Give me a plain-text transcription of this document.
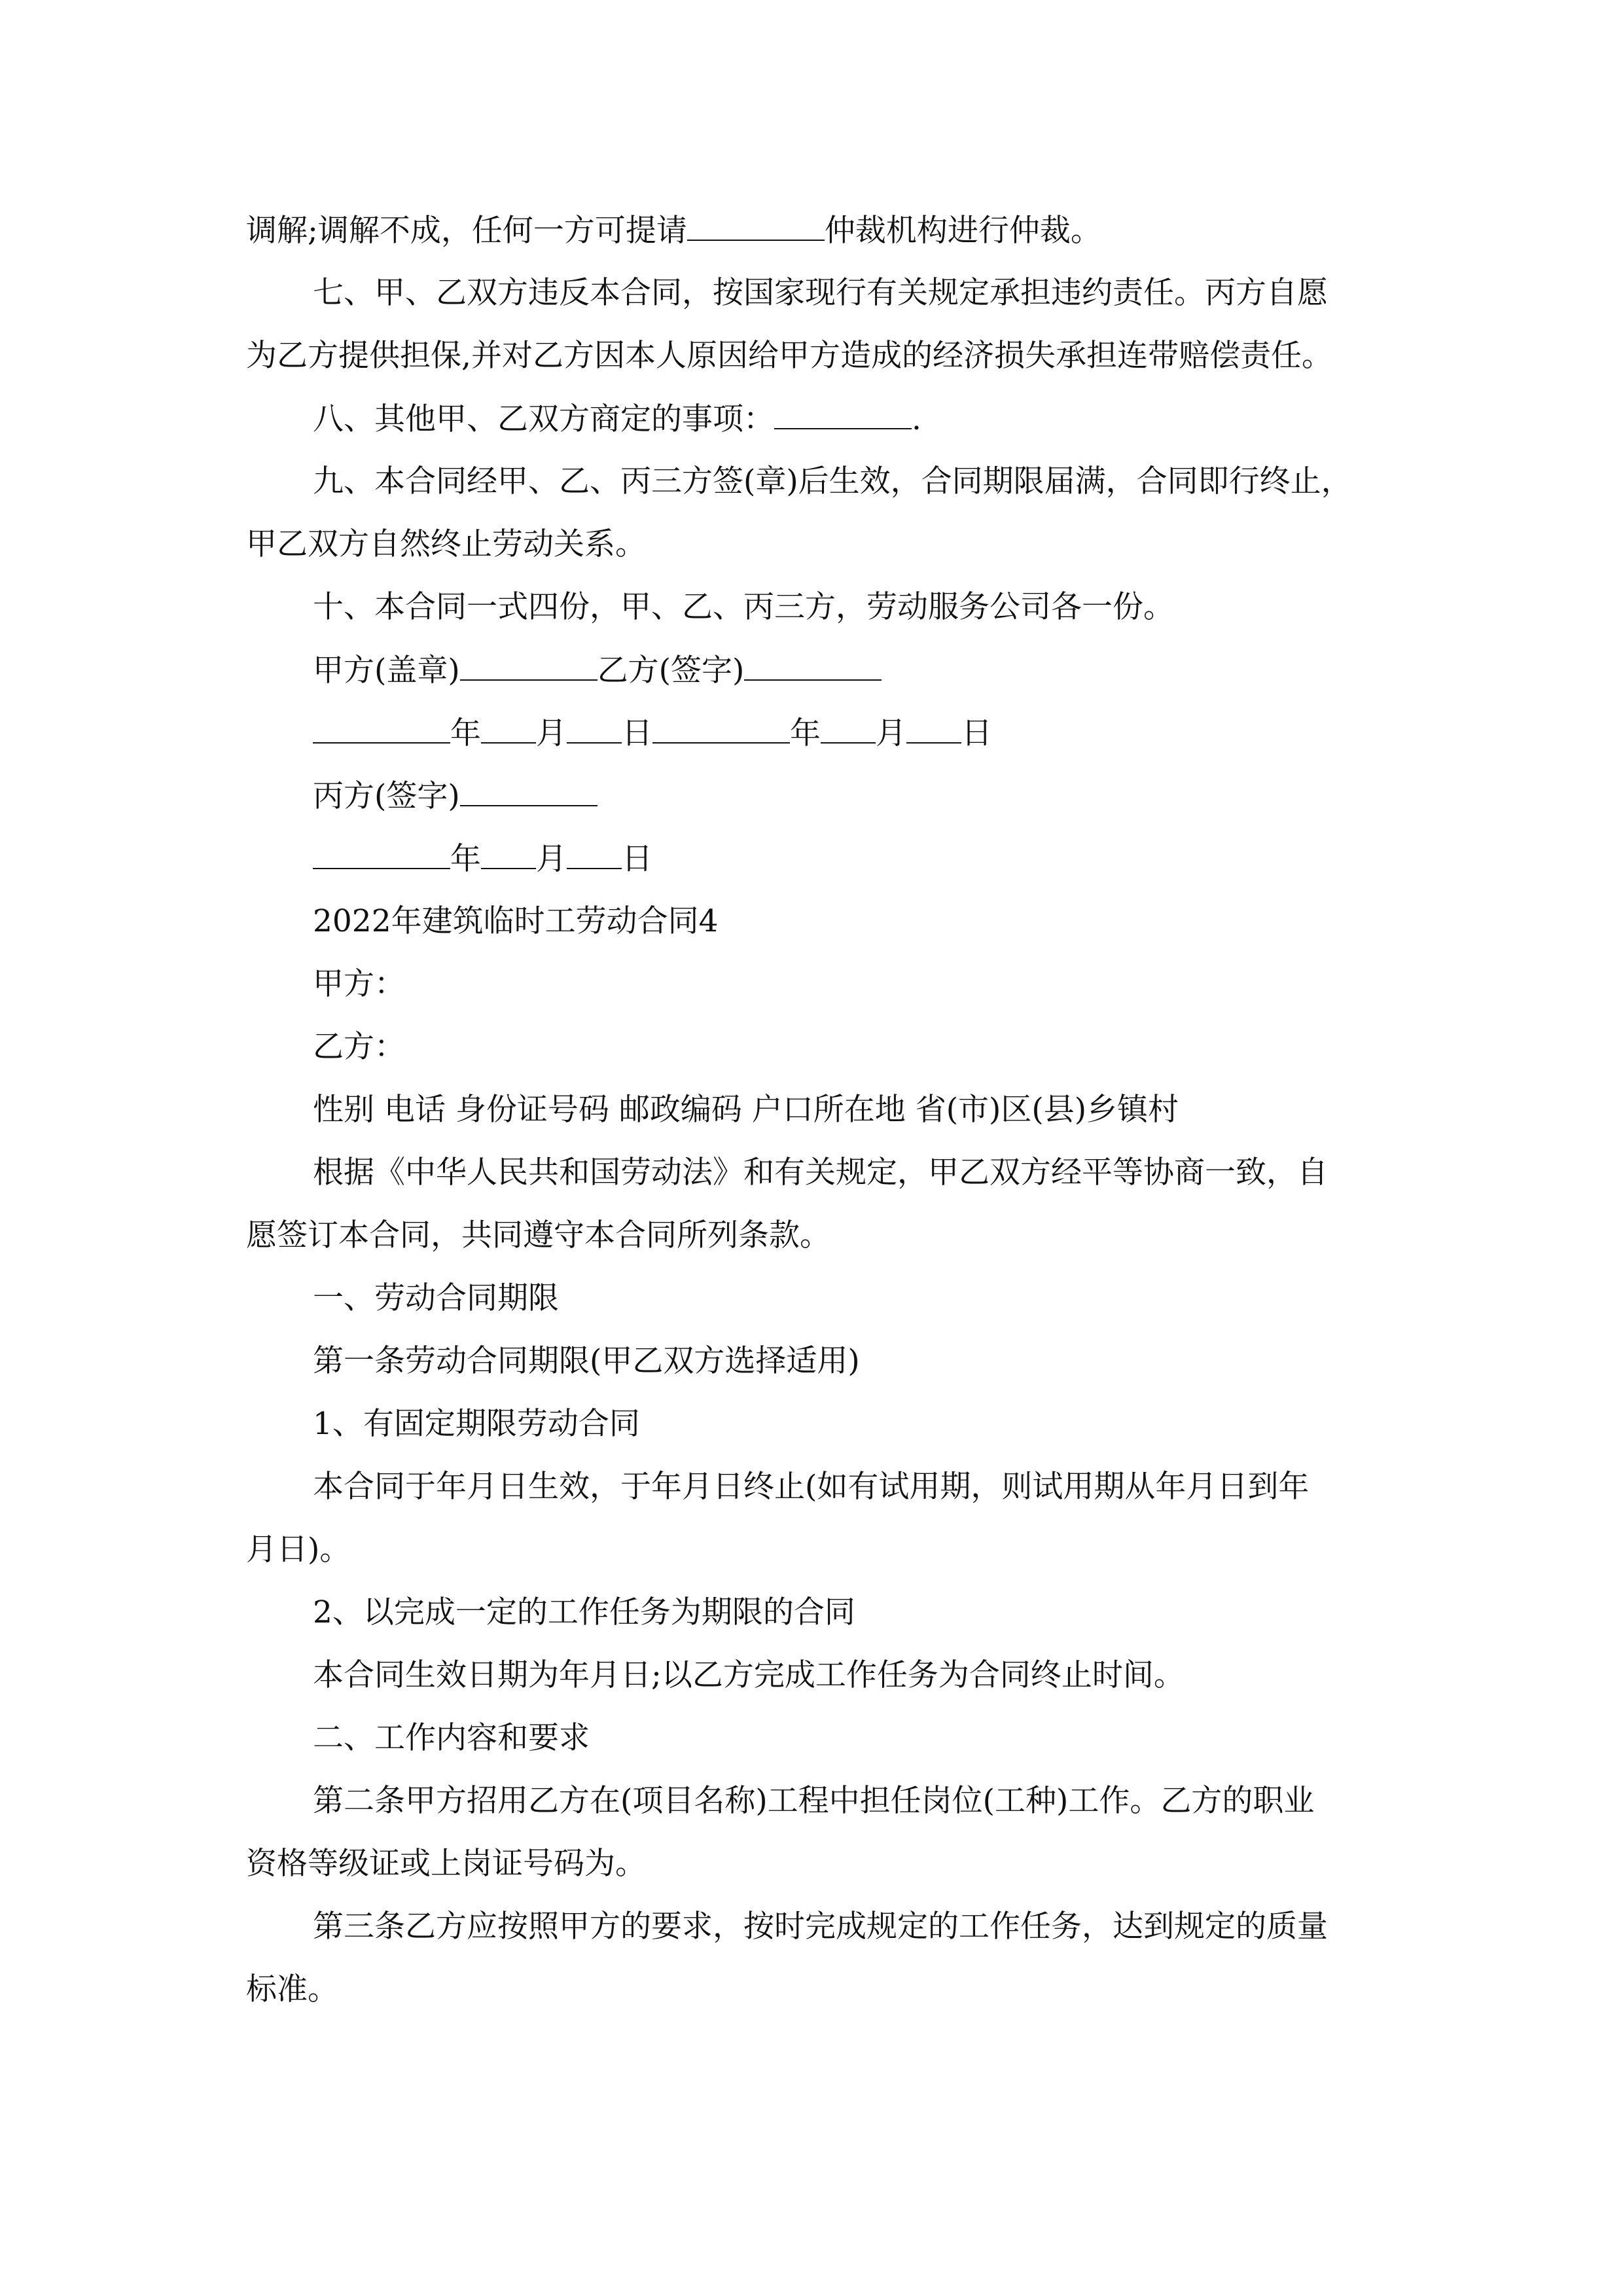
调解;调解不成，任何一方可提请	仲裁机构进行仲裁。
七、甲、乙双方违反本合同，按国家现行有关规定承担违约责任。丙方自愿
为乙方提供担保,并对乙方因本人原因给甲方造成的经济损失承担连带赔偿责任。
八、其他甲、乙双方商定的事项：	.
九、本合同经甲、乙、丙三方签(章)后生效，合同期限届满，合同即行终止，
甲乙双方自然终止劳动关系。
十、本合同一式四份，甲、乙、丙三方，劳动服务公司各一份。
甲方(盖章)	乙方(签字)
年 月 日	年 月 日
丙方(签字)
年 月 日
2022年建筑临时工劳动合同4
甲方：
乙方：
性别 电话 身份证号码 邮政编码 户口所在地 省(市)区(县)乡镇村
根据《中华人民共和国劳动法》和有关规定，甲乙双方经平等协商一致，自
愿签订本合同，共同遵守本合同所列条款。
一、劳动合同期限
第一条劳动合同期限(甲乙双方选择适用)
1、有固定期限劳动合同
本合同于年月日生效，于年月日终止(如有试用期，则试用期从年月日到年
月日)。
2、以完成一定的工作任务为期限的合同
本合同生效日期为年月日;以乙方完成工作任务为合同终止时间。
二、工作内容和要求
第二条甲方招用乙方在(项目名称)工程中担任岗位(工种)工作。乙方的职业
资格等级证或上岗证号码为。
第三条乙方应按照甲方的要求，按时完成规定的工作任务，达到规定的质量
标准。
